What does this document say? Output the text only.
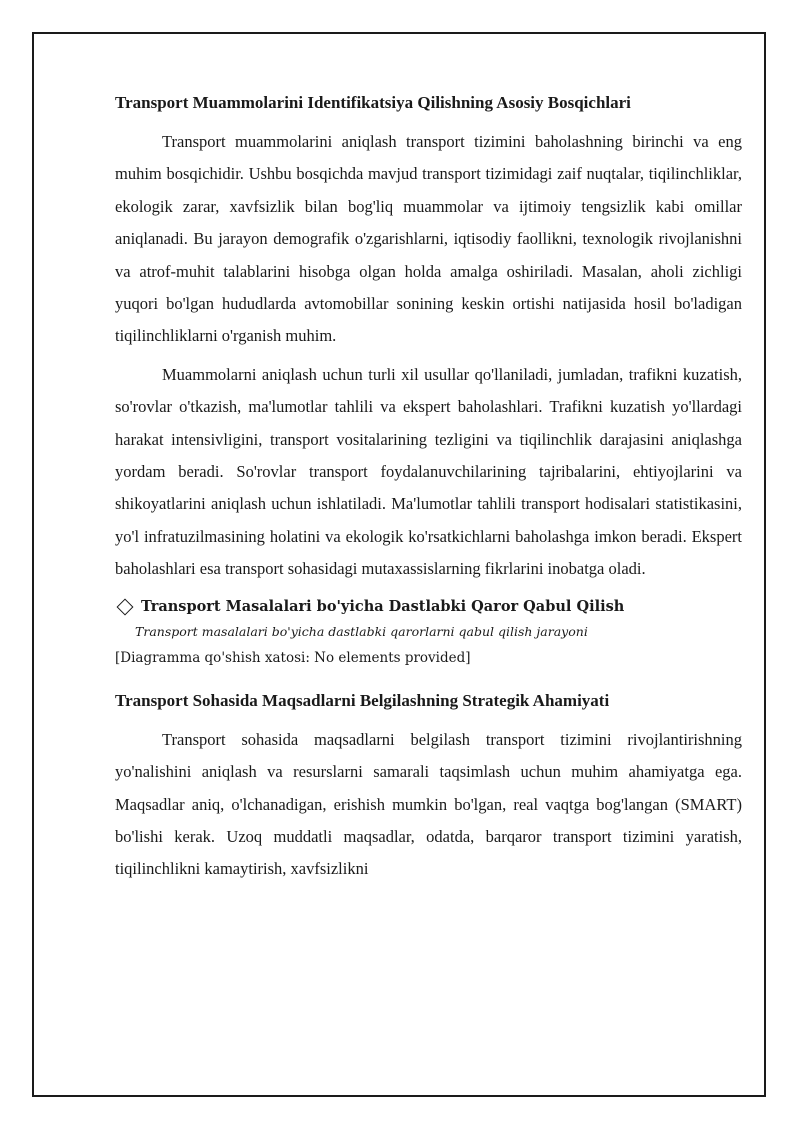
Transport Muammolarini Identifikatsiya Qilishning Asosiy Bosqichlari

Transport muammolarini aniqlash transport tizimini baholashning birinchi va eng muhim bosqichidir. Ushbu bosqichda mavjud transport tizimidagi zaif nuqtalar, tiqilinchliklar, ekologik zarar, xavfsizlik bilan bog'liq muammolar va ijtimoiy tengsizlik kabi omillar aniqlanadi. Bu jarayon demografik o'zgarishlarni, iqtisodiy faollikni, texnologik rivojlanishni va atrof-muhit talablarini hisobga olgan holda amalga oshiriladi. Masalan, aholi zichligi yuqori bo'lgan hududlarda avtomobillar sonining keskin ortishi natijasida hosil bo'ladigan tiqilinchliklarni o'rganish muhim.

Muammolarni aniqlash uchun turli xil usullar qo'llaniladi, jumladan, trafikni kuzatish, so'rovlar o'tkazish, ma'lumotlar tahlili va ekspert baholashlari. Trafikni kuzatish yo'llardagi harakat intensivligini, transport vositalarining tezligini va tiqilinchlik darajasini aniqlashga yordam beradi. So'rovlar transport foydalanuvchilarining tajribalarini, ehtiyojlarini va shikoyatlarini aniqlash uchun ishlatiladi. Ma'lumotlar tahlili transport hodisalari statistikasini, yo'l infratuzilmasining holatini va ekologik ko'rsatkichlarni baholashga imkon beradi. Ekspert baholashlari esa transport sohasidagi mutaxassislarning fikrlarini inobatga oladi.

Transport Masalalari bo'yicha Dastlabki Qaror Qabul Qilish
Transport masalalari bo'yicha dastlabki qarorlarni qabul qilish jarayoni
[Diagramma qo'shish xatosi: No elements provided]
Transport Sohasida Maqsadlarni Belgilashning Strategik Ahamiyati

Transport sohasida maqsadlarni belgilash transport tizimini rivojlantirishning yo'nalishini aniqlash va resurslarni samarali taqsimlash uchun muhim ahamiyatga ega. Maqsadlar aniq, o'lchanadigan, erishish mumkin bo'lgan, real vaqtga bog'langan (SMART) bo'lishi kerak. Uzoq muddatli maqsadlar, odatda, barqaror transport tizimini yaratish, tiqilinchlikni kamaytirish, xavfsizlikni
